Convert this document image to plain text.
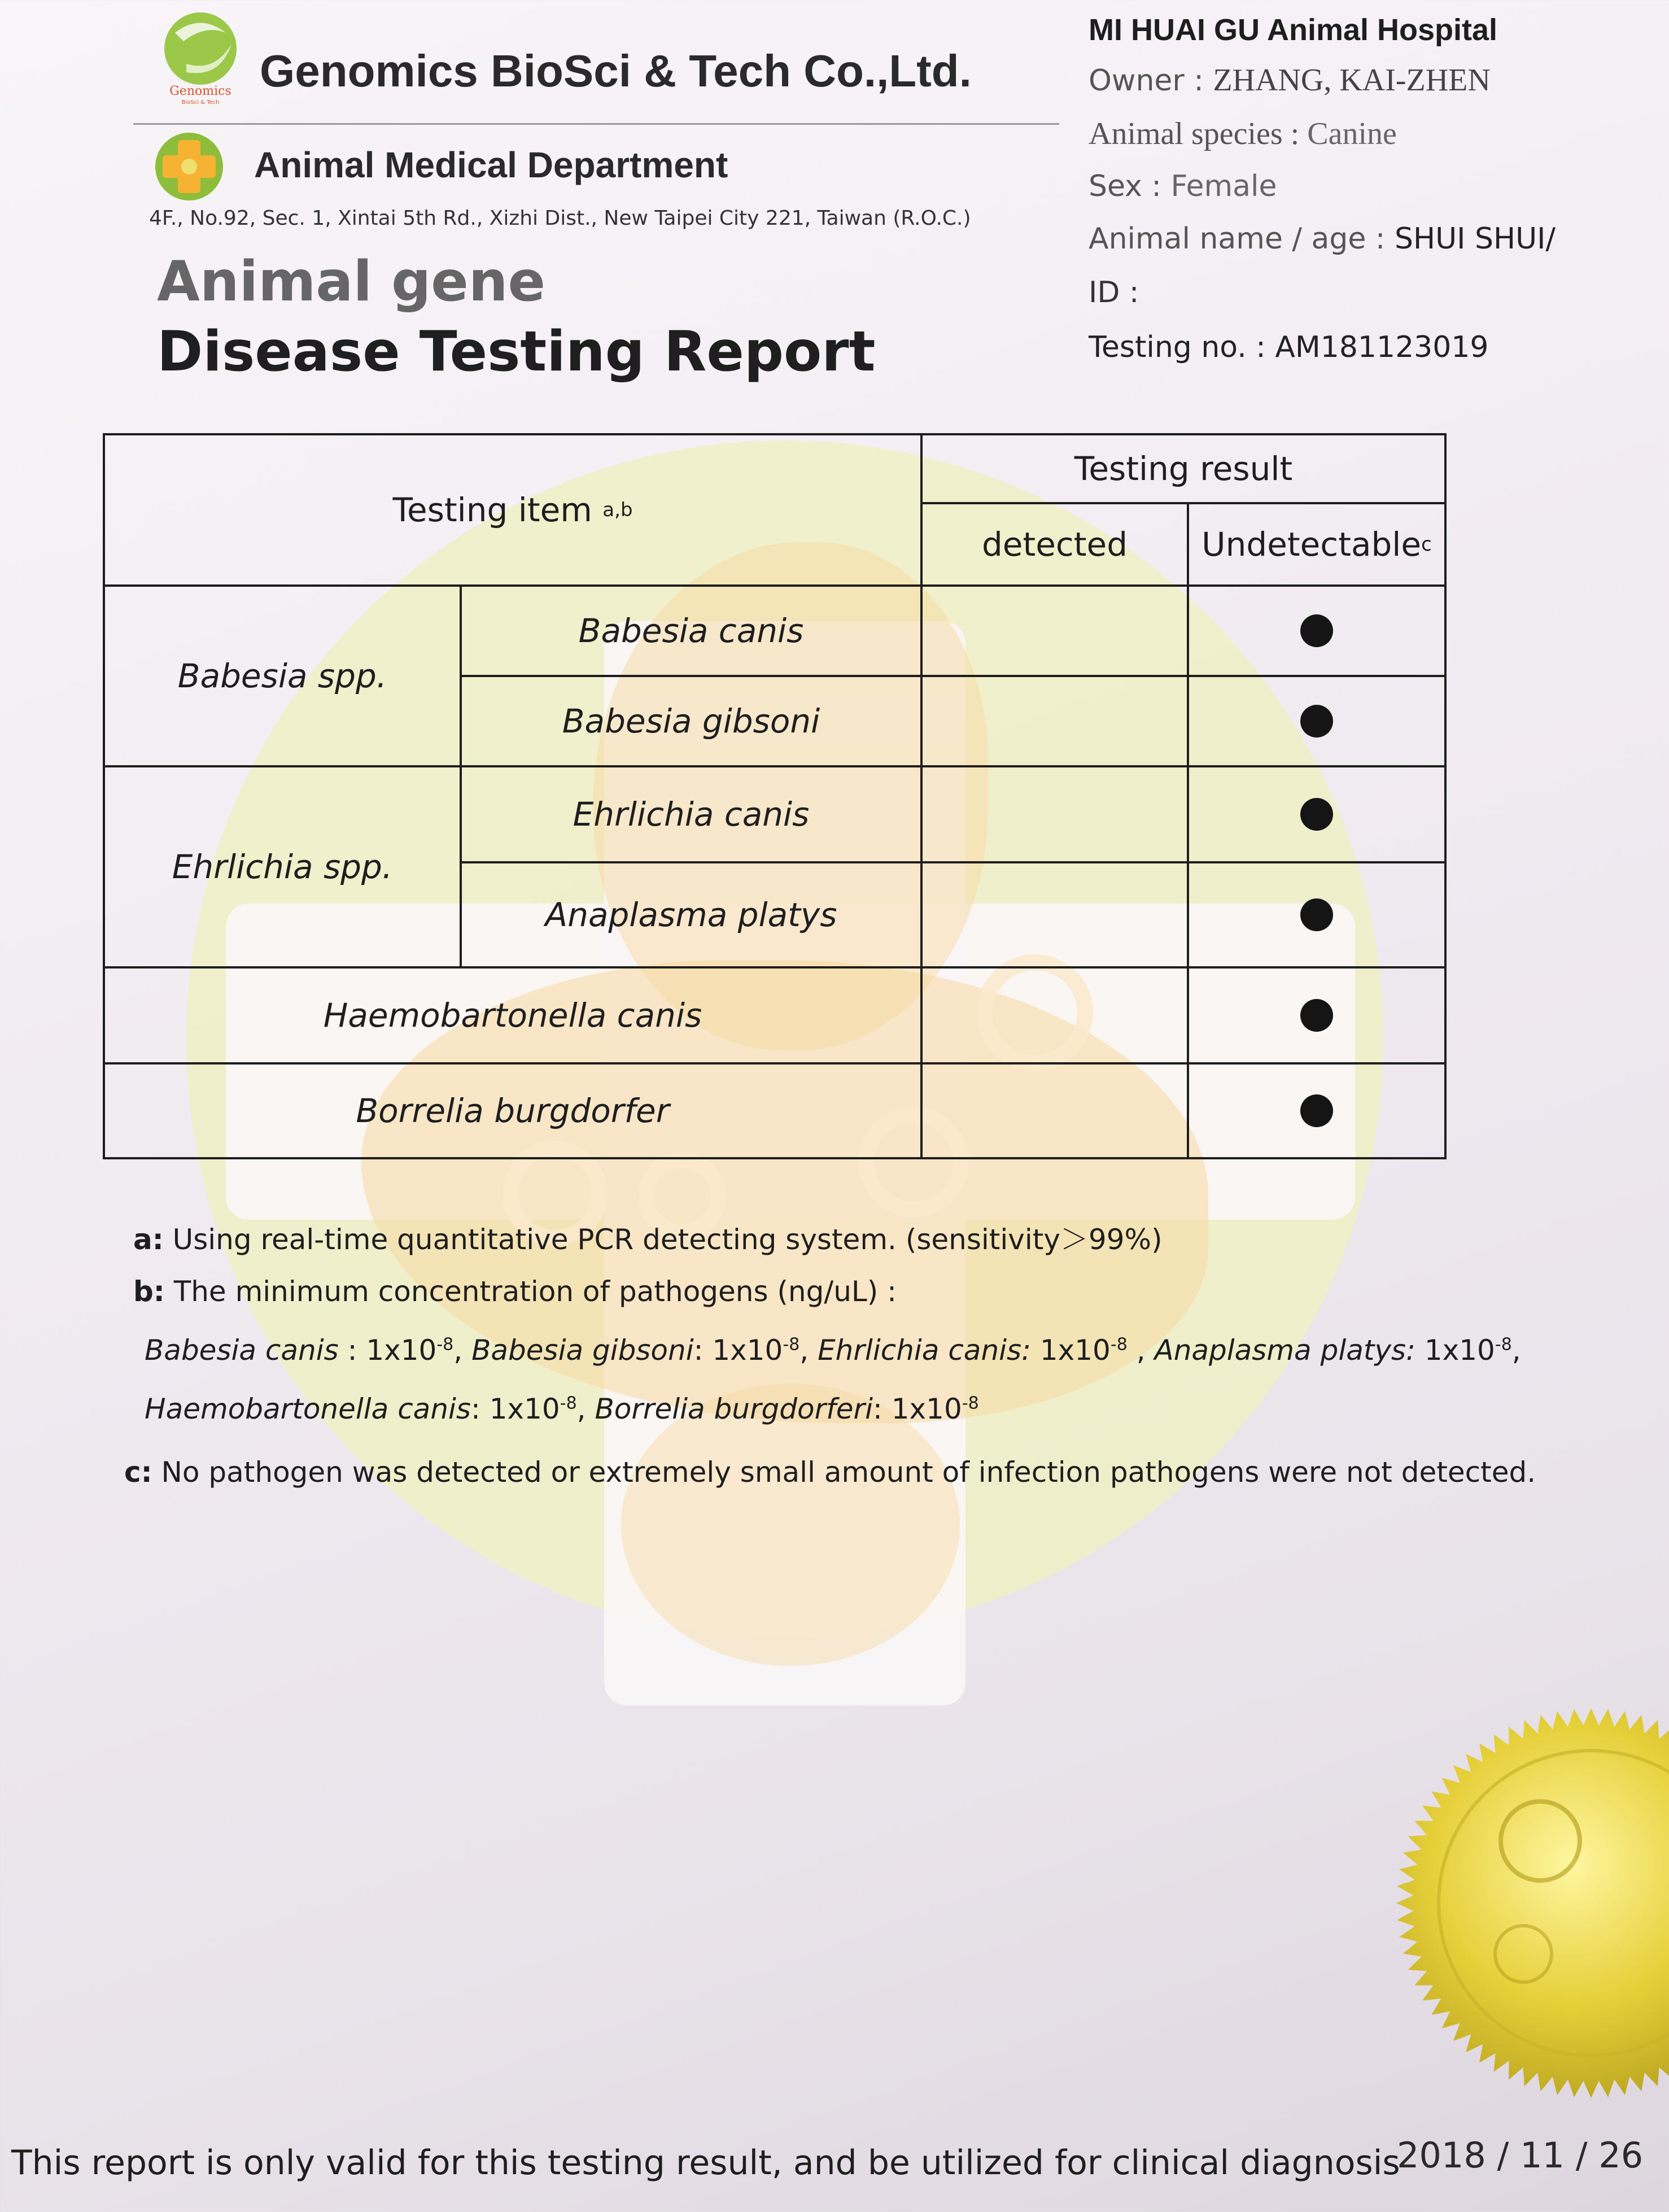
Genomics
BioSci & Tech
Genomics BioSci & Tech Co.,Ltd.
Animal Medical Department
4F., No.92, Sec. 1, Xintai 5th Rd., Xizhi Dist., New Taipei City 221, Taiwan (R.O.C.)
Animal gene
Disease Testing Report
MI HUAI GU Animal Hospital
Owner : ZHANG, KAI-ZHEN
Animal species : Canine
Sex : Female
Animal name / age : SHUI SHUI/
ID :
Testing no. : AM181123019
Testing item
a,b
Testing result
detected	Undetectable c
Babesia spp.
Ehrlichia spp.
Babesia canis
Babesia gibsoni
Ehrlichia canis
Anaplasma platys
Haemobartonella canis
Borrelia burgdorfer
a: Using real-time quantitative PCR detecting system. (sensitivity＞99%)
b: The minimum concentration of pathogens (ng/uL) :
Babesia canis : $1x10^{-8}$, Babesia gibsoni: $1x10^{-8}$, Ehrlichia canis: $1x10^{-8}$ , Anaplasma platys: $1x10^{-8}$,
Haemobartonella canis: $1x10^{-8}$, Borrelia burgdorferi: $1x10^{-8}$
c: No pathogen was detected or extremely small amount of infection pathogens were not detected.
This report is only valid for this testing result, and be utilized for clinical diagnosis
2018 / 11 / 26
